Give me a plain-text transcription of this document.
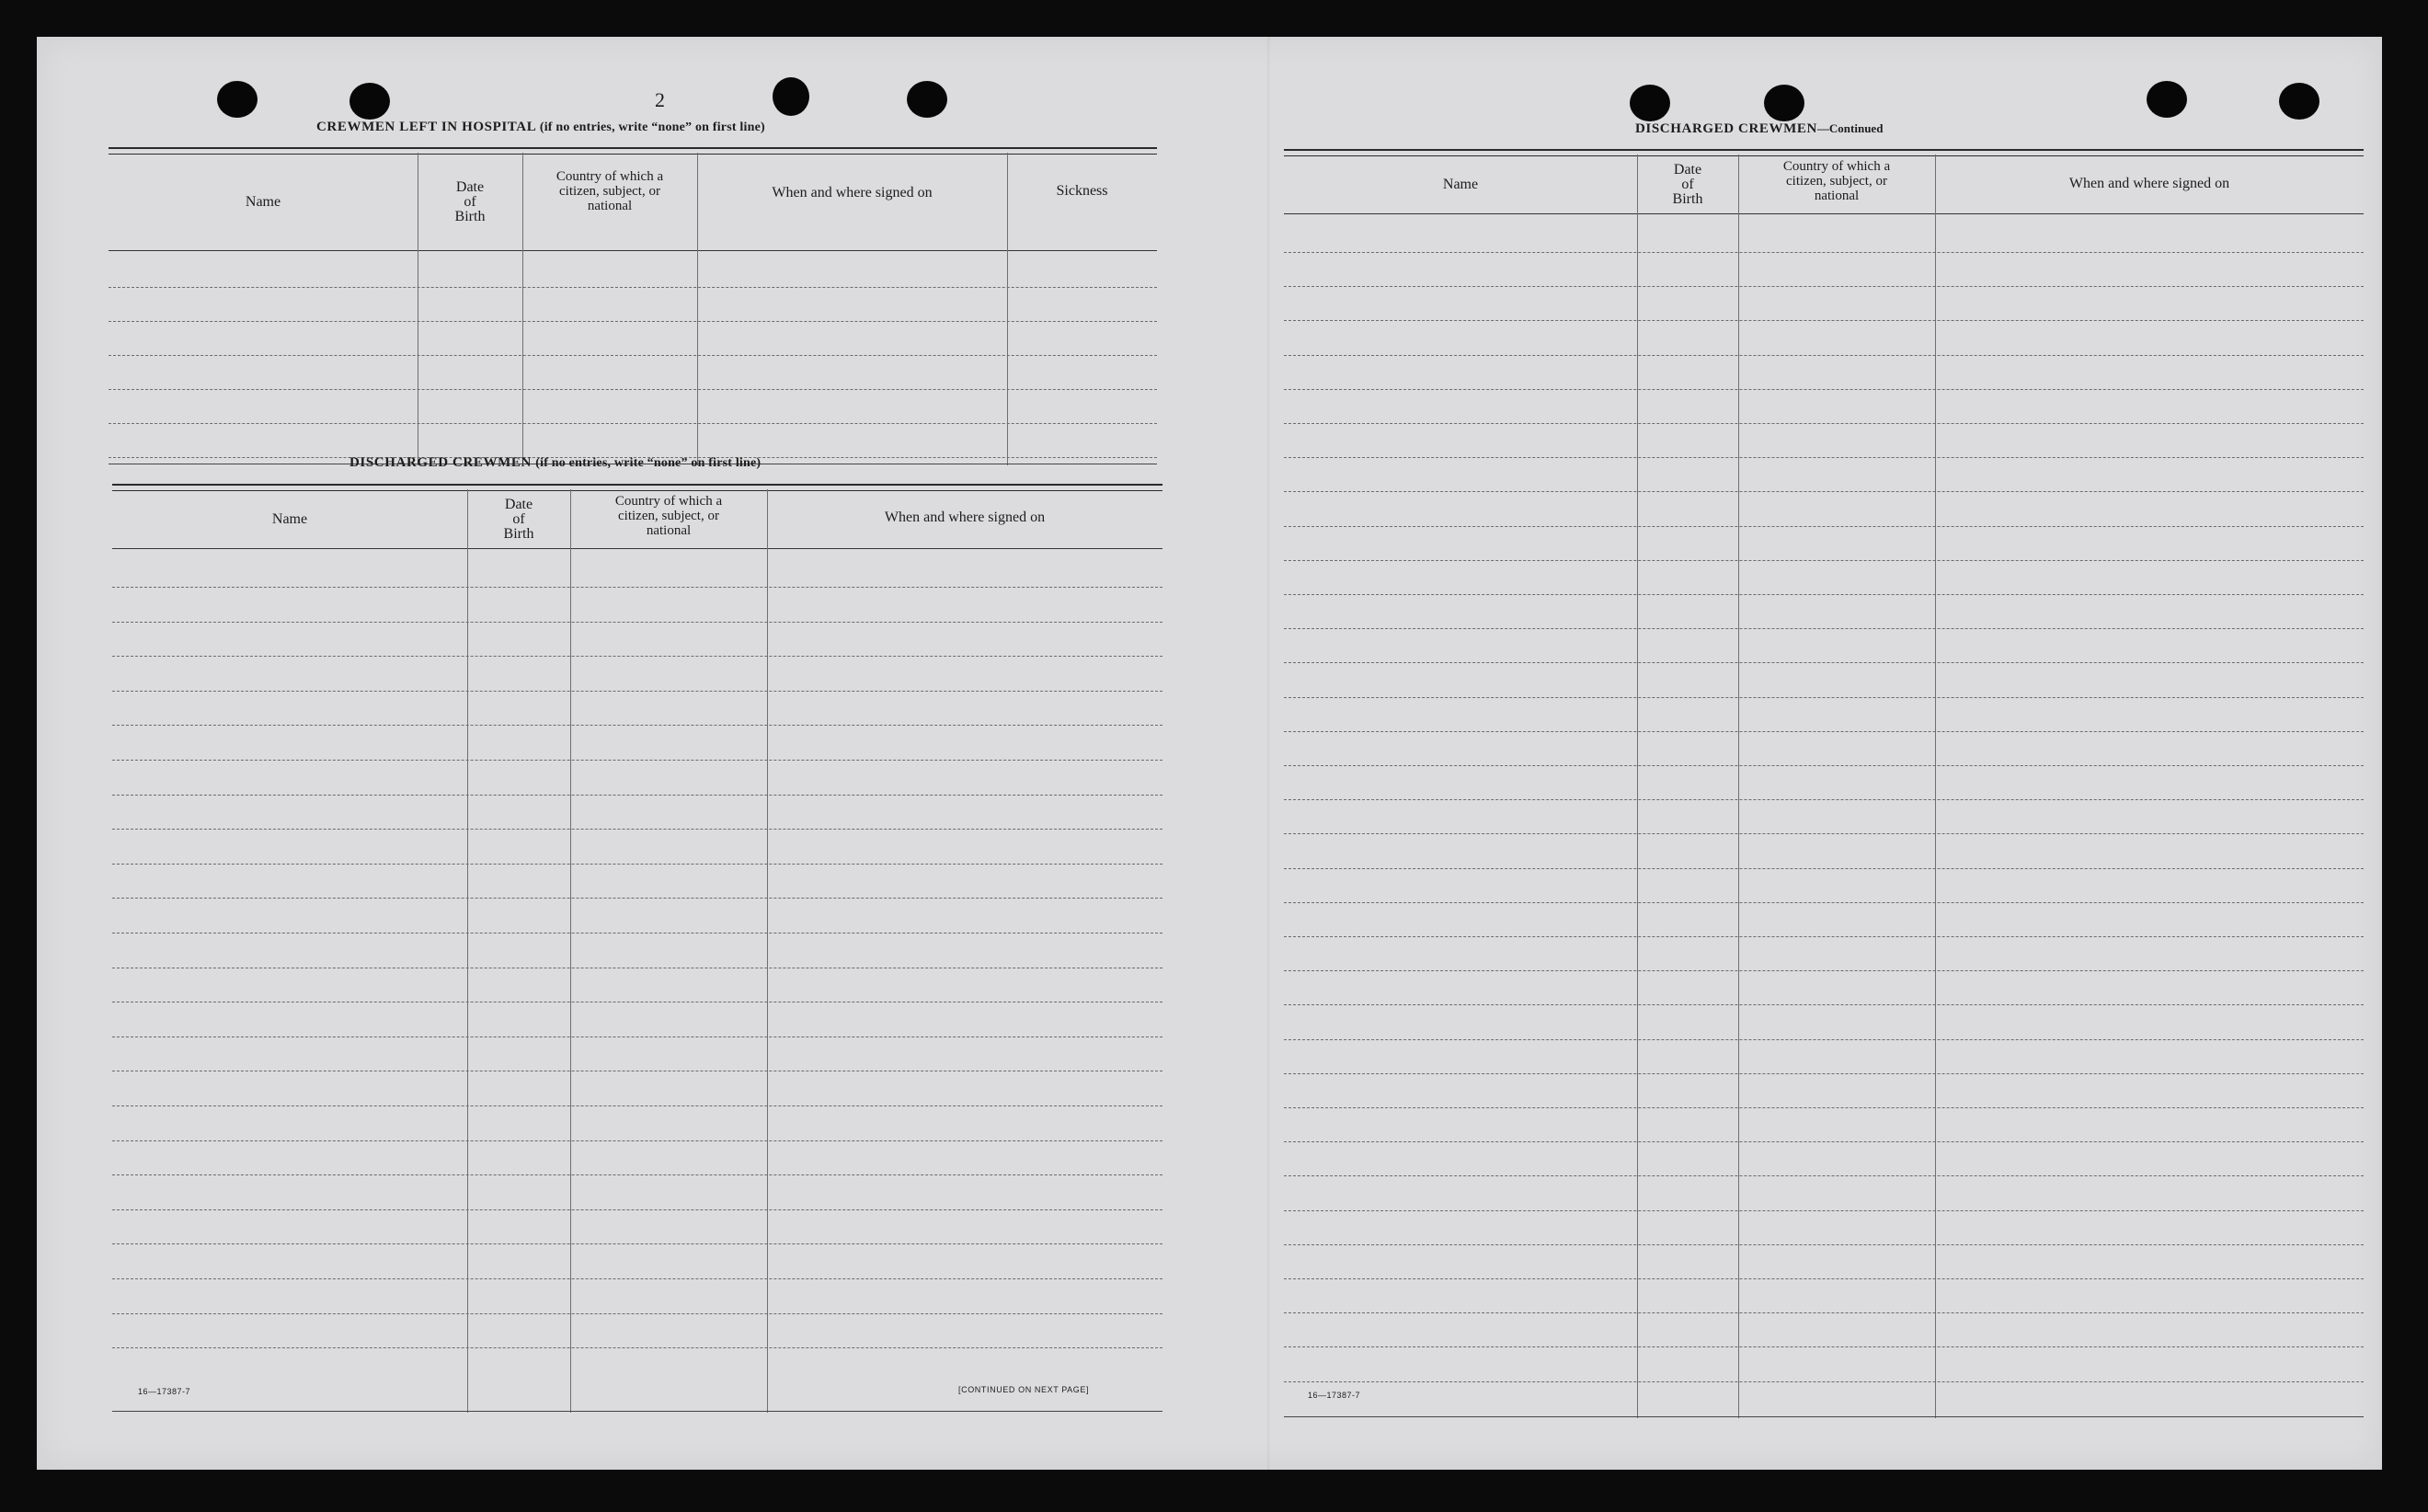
2
CREWMEN LEFT IN HOSPITAL (if no entries, write “none” on first line)
Name
Date
of
Birth
Country of which a
citizen, subject, or
national
When and where signed on	Sickness
DISCHARGED CREWMEN (if no entries, write “none” on first line)
Name
Date
of
Birth
Country of which a
citizen, subject, or
national
When and where signed on
16—17387-7	[CONTINUED ON NEXT PAGE]
DISCHARGED CREWMEN—Continued
Name
Date
of
Birth
Country of which a
citizen, subject, or
national
When and where signed on
16—17387-7
